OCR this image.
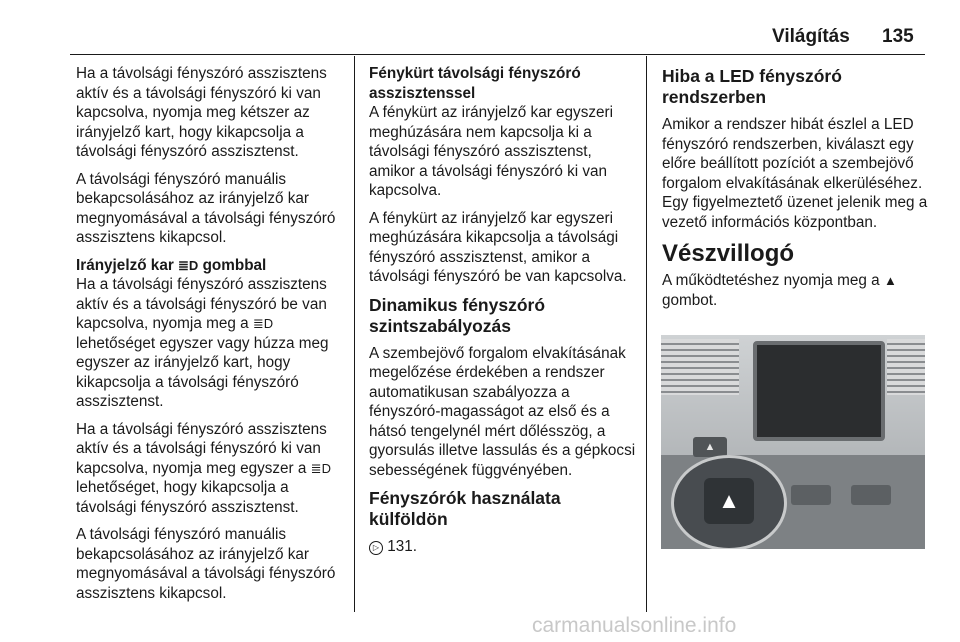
Világítás 135

Ha a távolsági fényszóró asszisztens aktív és a távolsági fényszóró ki van kapcsolva, nyomja meg kétszer az irányjelző kart, hogy kikapcsolja a távolsági fényszóró asszisztenst.

A távolsági fényszóró manuális bekapcsolásához az irányjelző kar megnyomásával a távolsági fényszóró asszisztens kikapcsol.

Irányjelző kar ≣D gombbal

Ha a távolsági fényszóró asszisztens aktív és a távolsági fényszóró be van kapcsolva, nyomja meg a ≣D lehetőséget egyszer vagy húzza meg egyszer az irányjelző kart, hogy kikapcsolja a távolsági fényszóró asszisztenst.

Ha a távolsági fényszóró asszisztens aktív és a távolsági fényszóró ki van kapcsolva, nyomja meg egyszer a ≣D lehetőséget, hogy kikapcsolja a távolsági fényszóró asszisztenst.

A távolsági fényszóró manuális bekapcsolásához az irányjelző kar megnyomásával a távolsági fényszóró asszisztens kikapcsol.

Fénykürt távolsági fényszóró asszisztenssel

A fénykürt az irányjelző kar egyszeri meghúzására nem kapcsolja ki a távolsági fényszóró asszisztenst, amikor a távolsági fényszóró ki van kapcsolva.

A fénykürt az irányjelző kar egyszeri meghúzására kikapcsolja a távolsági fényszóró asszisztenst, amikor a távolsági fényszóró be van kapcsolva.

Dinamikus fényszóró szintszabályozás

A szembejövő forgalom elvakításának megelőzése érdekében a rendszer automatikusan szabályozza a fényszóró-magasságot az első és a hátsó tengelynél mért dőlésszög, a gyorsulás illetve lassulás és a gépkocsi sebességének függvényében.

Fényszórók használata külföldön

▷ 131.

Hiba a LED fényszóró rendszerben

Amikor a rendszer hibát észlel a LED fényszóró rendszerben, kiválaszt egy előre beállított pozíciót a szembejövő forgalom elvakításának elkerüléséhez. Egy figyelmeztető üzenet jelenik meg a vezető információs központban.

Vészvillogó

A működtetéshez nyomja meg a ▲ gombot.

▲
▲
carmanualsonline.info
